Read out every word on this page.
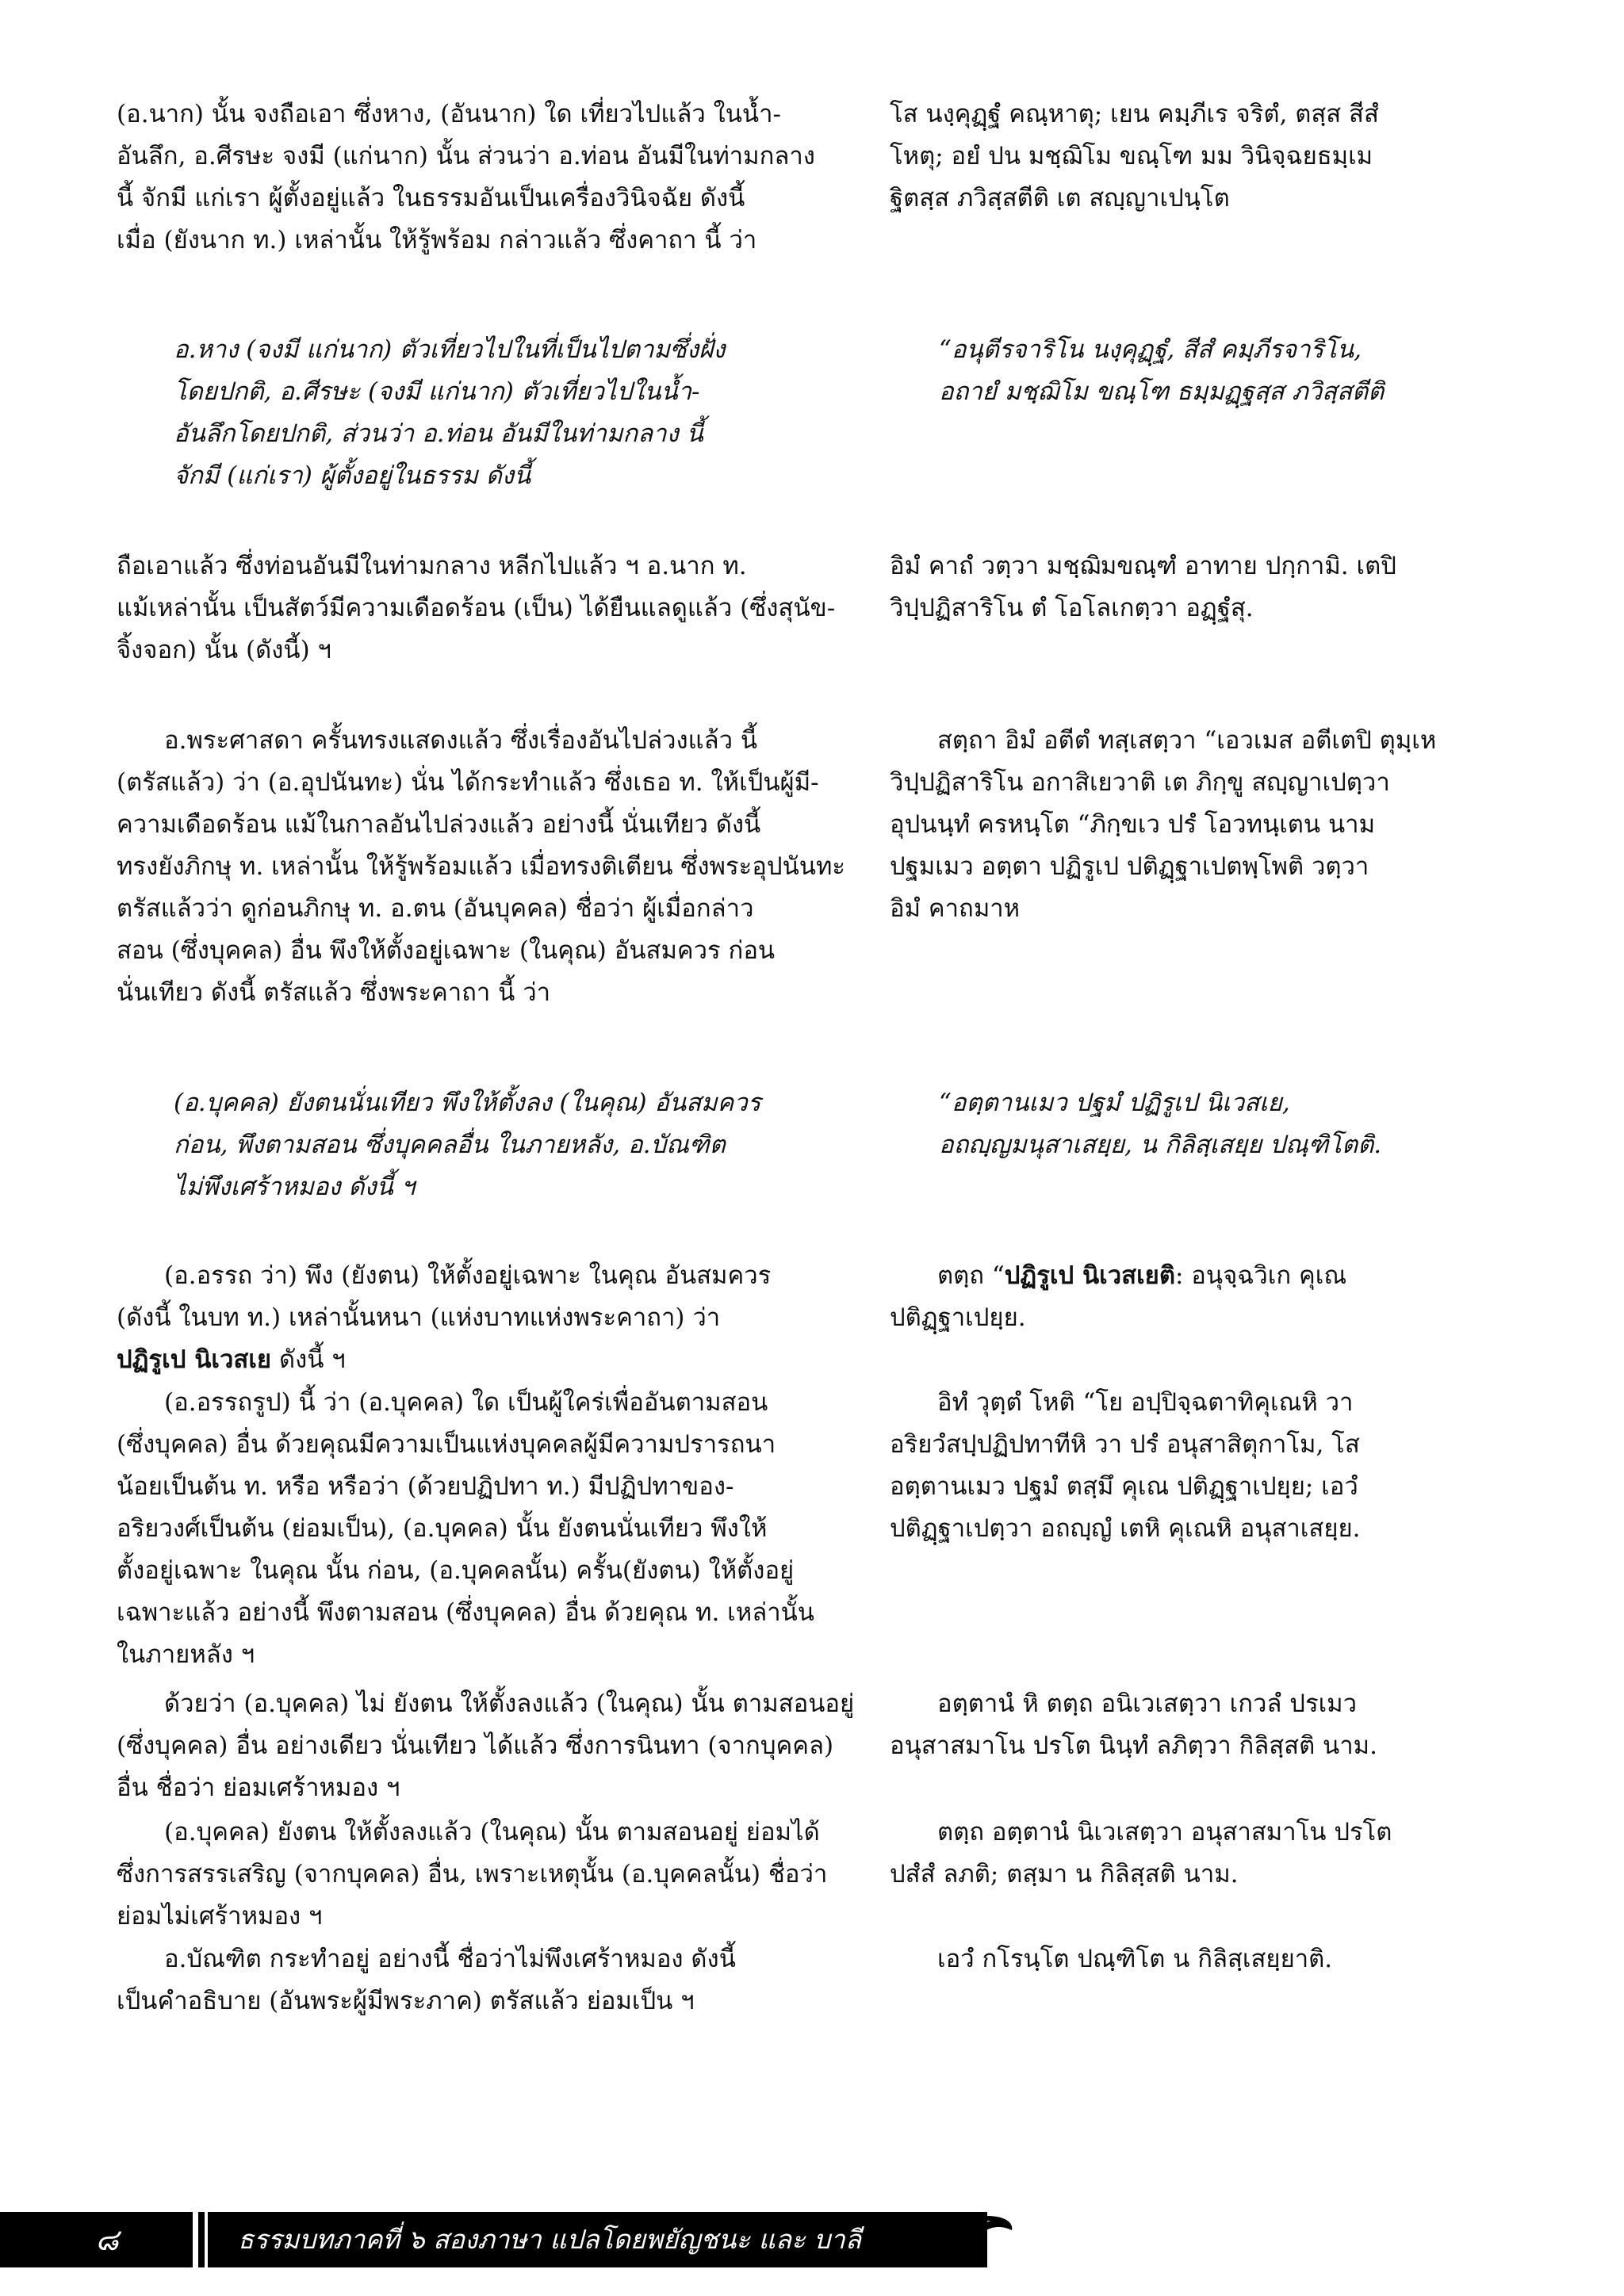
(อ.นาก) นั้น จงถือเอา ซึ่งหาง, (อันนาก) ใด เที่ยวไปแล้ว ในน้ำ-
อันลึก, อ.ศีรษะ จงมี (แก่นาก) นั้น ส่วนว่า อ.ท่อน อันมีในท่ามกลาง
นี้ จักมี แก่เรา ผู้ตั้งอยู่แล้ว ในธรรมอันเป็นเครื่องวินิจฉัย ดังนี้
เมื่อ (ยังนาก ท.) เหล่านั้น ให้รู้พร้อม กล่าวแล้ว ซึ่งคาถา นี้ ว่า
อ.หาง (จงมี แก่นาก) ตัวเที่ยวไปในที่เป็นไปตามซึ่งฝั่ง
โดยปกติ, อ.ศีรษะ (จงมี แก่นาก) ตัวเที่ยวไปในน้ำ-
อันลึกโดยปกติ, ส่วนว่า อ.ท่อน อันมีในท่ามกลาง นี้
จักมี (แก่เรา) ผู้ตั้งอยู่ในธรรม ดังนี้
ถือเอาแล้ว ซึ่งท่อนอันมีในท่ามกลาง หลีกไปแล้ว ฯ อ.นาก ท.
แม้เหล่านั้น เป็นสัตว์มีความเดือดร้อน (เป็น) ได้ยืนแลดูแล้ว (ซึ่งสุนัข-
จิ้งจอก) นั้น (ดังนี้) ฯ
อ.พระศาสดา ครั้นทรงแสดงแล้ว ซึ่งเรื่องอันไปล่วงแล้ว นี้
(ตรัสแล้ว) ว่า (อ.อุปนันทะ) นั่น ได้กระทำแล้ว ซึ่งเธอ ท. ให้เป็นผู้มี-
ความเดือดร้อน แม้ในกาลอันไปล่วงแล้ว อย่างนี้ นั่นเทียว ดังนี้
ทรงยังภิกษุ ท. เหล่านั้น ให้รู้พร้อมแล้ว เมื่อทรงติเตียน ซึ่งพระอุปนันทะ
ตรัสแล้วว่า ดูก่อนภิกษุ ท. อ.ตน (อันบุคคล) ชื่อว่า ผู้เมื่อกล่าว
สอน (ซึ่งบุคคล) อื่น พึงให้ตั้งอยู่เฉพาะ (ในคุณ) อันสมควร ก่อน
นั่นเทียว ดังนี้ ตรัสแล้ว ซึ่งพระคาถา นี้ ว่า
(อ.บุคคล) ยังตนนั่นเทียว พึงให้ตั้งลง (ในคุณ) อันสมควร
ก่อน, พึงตามสอน ซึ่งบุคคลอื่น ในภายหลัง, อ.บัณฑิต
ไม่พึงเศร้าหมอง ดังนี้ ฯ
(อ.อรรถ ว่า) พึง (ยังตน) ให้ตั้งอยู่เฉพาะ ในคุณ อันสมควร
(ดังนี้ ในบท ท.) เหล่านั้นหนา (แห่งบาทแห่งพระคาถา) ว่า
ปฏิรูเป นิเวสเย ดังนี้ ฯ
(อ.อรรถรูป) นี้ ว่า (อ.บุคคล) ใด เป็นผู้ใคร่เพื่ออันตามสอน
(ซึ่งบุคคล) อื่น ด้วยคุณมีความเป็นแห่งบุคคลผู้มีความปรารถนา
น้อยเป็นต้น ท. หรือ หรือว่า (ด้วยปฏิปทา ท.) มีปฏิปทาของ-
อริยวงศ์เป็นต้น (ย่อมเป็น), (อ.บุคคล) นั้น ยังตนนั่นเทียว พึงให้
ตั้งอยู่เฉพาะ ในคุณ นั้น ก่อน, (อ.บุคคลนั้น) ครั้น(ยังตน) ให้ตั้งอยู่
เฉพาะแล้ว อย่างนี้ พึงตามสอน (ซึ่งบุคคล) อื่น ด้วยคุณ ท. เหล่านั้น
ในภายหลัง ฯ
ด้วยว่า (อ.บุคคล) ไม่ ยังตน ให้ตั้งลงแล้ว (ในคุณ) นั้น ตามสอนอยู่
(ซึ่งบุคคล) อื่น อย่างเดียว นั่นเทียว ได้แล้ว ซึ่งการนินทา (จากบุคคล)
อื่น ชื่อว่า ย่อมเศร้าหมอง ฯ
(อ.บุคคล) ยังตน ให้ตั้งลงแล้ว (ในคุณ) นั้น ตามสอนอยู่ ย่อมได้
ซึ่งการสรรเสริญ (จากบุคคล) อื่น, เพราะเหตุนั้น (อ.บุคคลนั้น) ชื่อว่า
ย่อมไม่เศร้าหมอง ฯ
อ.บัณฑิต กระทำอยู่ อย่างนี้ ชื่อว่าไม่พึงเศร้าหมอง ดังนี้
เป็นคำอธิบาย (อันพระผู้มีพระภาค) ตรัสแล้ว ย่อมเป็น ฯ
โส นงฺคุฏฺฐํ คณฺหาตุ; เยน คมฺภีเร จริตํ, ตสฺส สีสํ
โหตุ; อยํ ปน มชฺฌิโม ขณฺโฑ มม วินิจฺฉยธมฺเม
ฐิตสฺส ภวิสฺสตีติ เต สญฺญาเปนฺโต
“อนุตีรจาริโน นงฺคุฏฺฐํ, สีสํ คมฺภีรจาริโน,
อถายํ มชฺฌิโม ขณฺโฑ ธมฺมฏฺฐสฺส ภวิสฺสตีติ
อิมํ คาถํ วตฺวา มชฺฌิมขณฺฑํ อาทาย ปกฺกามิ. เตปิ
วิปฺปฏิสาริโน ตํ โอโลเกตฺวา อฏฺฐํสุ.
สตฺถา อิมํ อตีตํ ทสฺเสตฺวา “เอวเมส อตีเตปิ ตุมฺเห
วิปฺปฏิสาริโน อกาสิเยวาติ เต ภิกฺขู สญฺญาเปตฺวา
อุปนนฺทํ ครหนฺโต “ภิกฺขเว ปรํ โอวทนฺเตน นาม
ปฐมเมว อตฺตา ปฏิรูเป ปติฏฺฐาเปตพฺโพติ วตฺวา
อิมํ คาถมาห
“อตฺตานเมว ปฐมํ ปฏิรูเป นิเวสเย,
อถญฺญมนุสาเสยฺย, น กิลิสฺเสยฺย ปณฺฑิโตติ.
ตตฺถ “ปฏิรูเป นิเวสเยติ: อนุจฺฉวิเก คุเณ
ปติฏฺฐาเปยฺย.
อิทํ วุตฺตํ โหติ “โย อปฺปิจฺฉตาทิคุเณหิ วา
อริยวํสปฺปฏิปทาทีหิ วา ปรํ อนุสาสิตุกาโม, โส
อตฺตานเมว ปฐมํ ตสฺมึ คุเณ ปติฏฺฐาเปยฺย; เอวํ
ปติฏฺฐาเปตฺวา อถญฺญํ เตหิ คุเณหิ อนุสาเสยฺย.
อตฺตานํ หิ ตตฺถ อนิเวเสตฺวา เกวลํ ปรเมว
อนุสาสมาโน ปรโต นินฺทํ ลภิตฺวา กิลิสฺสติ นาม.
ตตฺถ อตฺตานํ นิเวเสตฺวา อนุสาสมาโน ปรโต
ปสํสํ ลภติ; ตสฺมา น กิลิสฺสติ นาม.
เอวํ กโรนฺโต ปณฺฑิโต น กิลิสฺเสยฺยาติ.
๘	ธรรมบทภาคที่ ๖ สองภาษา แปลโดยพยัญชนะ และ บาลี
